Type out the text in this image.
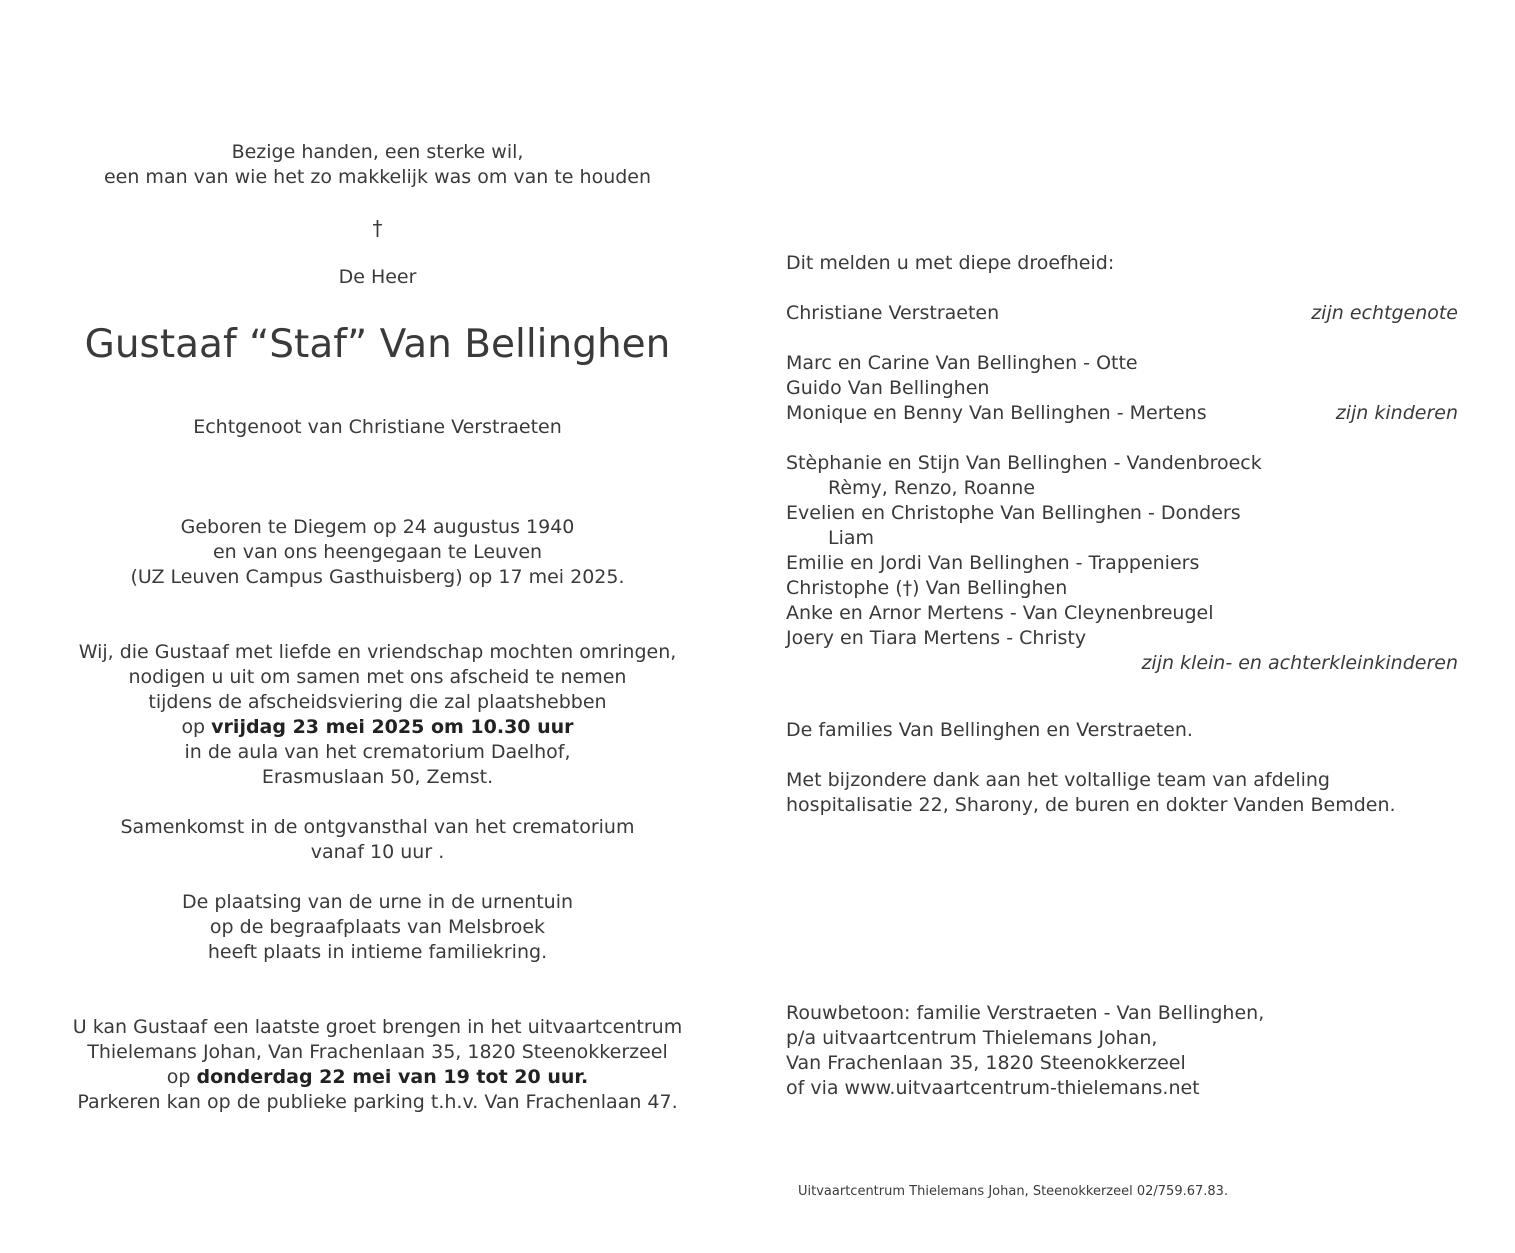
Bezige handen, een sterke wil,
een man van wie het zo makkelijk was om van te houden
†
De Heer
Gustaaf “Staf” Van Bellinghen
Echtgenoot van Christiane Verstraeten
Geboren te Diegem op 24 augustus 1940
en van ons heengegaan te Leuven
(UZ Leuven Campus Gasthuisberg) op 17 mei 2025.
Wij, die Gustaaf met liefde en vriendschap mochten omringen,
nodigen u uit om samen met ons afscheid te nemen
tijdens de afscheidsviering die zal plaatshebben
op vrijdag 23 mei 2025 om 10.30 uur
in de aula van het crematorium Daelhof,
Erasmuslaan 50, Zemst.
Samenkomst in de ontgvansthal van het crematorium
vanaf 10 uur .
De plaatsing van de urne in de urnentuin
op de begraafplaats van Melsbroek
heeft plaats in intieme familiekring.
U kan Gustaaf een laatste groet brengen in het uitvaartcentrum
Thielemans Johan, Van Frachenlaan 35, 1820 Steenokkerzeel
op donderdag 22 mei van 19 tot 20 uur.
Parkeren kan op de publieke parking t.h.v. Van Frachenlaan 47.
Dit melden u met diepe droefheid:
Christiane Verstraeten	zijn echtgenote
Marc en Carine Van Bellinghen - Otte
Guido Van Bellinghen
Monique en Benny Van Bellinghen - Mertens	zijn kinderen
Stèphanie en Stijn Van Bellinghen - Vandenbroeck
Rèmy, Renzo, Roanne
Evelien en Christophe Van Bellinghen - Donders
Liam
Emilie en Jordi Van Bellinghen - Trappeniers
Christophe (†) Van Bellinghen
Anke en Arnor Mertens - Van Cleynenbreugel
Joery en Tiara Mertens - Christy
zijn klein- en achterkleinkinderen
De families Van Bellinghen en Verstraeten.
Met bijzondere dank aan het voltallige team van afdeling
hospitalisatie 22, Sharony, de buren en dokter Vanden Bemden.
Rouwbetoon: familie Verstraeten - Van Bellinghen,
p/a uitvaartcentrum Thielemans Johan,
Van Frachenlaan 35, 1820 Steenokkerzeel
of via www.uitvaartcentrum-thielemans.net
Uitvaartcentrum Thielemans Johan, Steenokkerzeel 02/759.67.83.
